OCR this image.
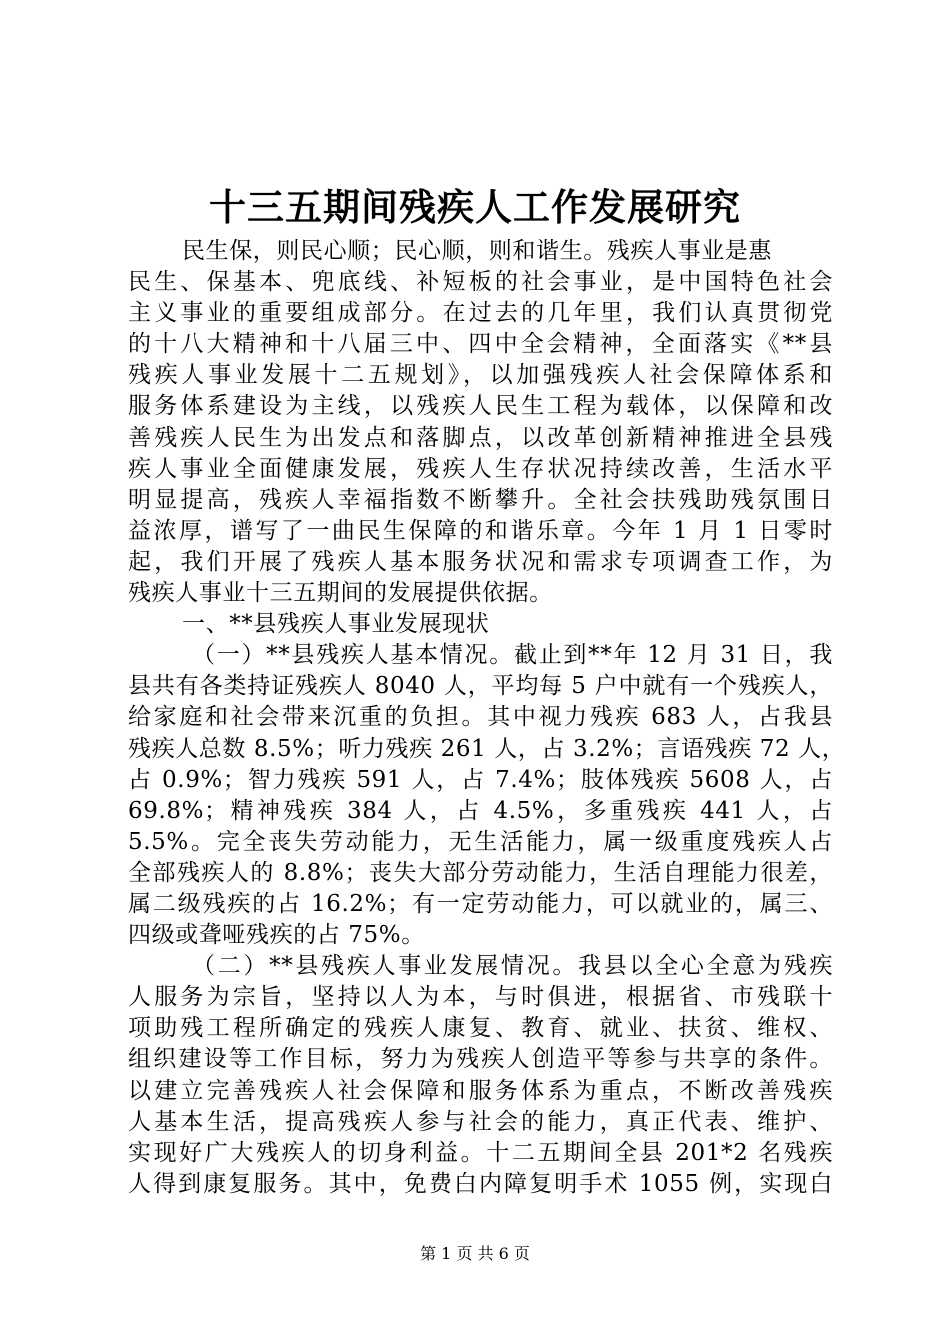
十三五期间残疾人工作发展研究
民生保，则民心顺；民心顺，则和谐生。残疾人事业是惠
民生、保基本、兜底线、补短板的社会事业，是中国特色社会
主义事业的重要组成部分。在过去的几年里，我们认真贯彻党
的十八大精神和十八届三中、四中全会精神，全面落实《**县
残疾人事业发展十二五规划》，以加强残疾人社会保障体系和
服务体系建设为主线，以残疾人民生工程为载体，以保障和改
善残疾人民生为出发点和落脚点，以改革创新精神推进全县残
疾人事业全面健康发展，残疾人生存状况持续改善，生活水平
明显提高，残疾人幸福指数不断攀升。全社会扶残助残氛围日
益浓厚，谱写了一曲民生保障的和谐乐章。今年 1 月 1 日零时
起，我们开展了残疾人基本服务状况和需求专项调查工作，为
残疾人事业十三五期间的发展提供依据。
一、**县残疾人事业发展现状
（一）**县残疾人基本情况。截止到**年 12 月 31 日，我
县共有各类持证残疾人 8040 人，平均每 5 户中就有一个残疾人，
给家庭和社会带来沉重的负担。其中视力残疾 683 人，占我县
残疾人总数 8.5%；听力残疾 261 人，占 3.2%；言语残疾 72 人，
占 0.9%；智力残疾 591 人，占 7.4%；肢体残疾 5608 人，占
69.8%；精神残疾 384 人，占 4.5%，多重残疾 441 人，占
5.5%。完全丧失劳动能力，无生活能力，属一级重度残疾人占
全部残疾人的 8.8%；丧失大部分劳动能力，生活自理能力很差，
属二级残疾的占 16.2%；有一定劳动能力，可以就业的，属三、
四级或聋哑残疾的占 75%。
（二）**县残疾人事业发展情况。我县以全心全意为残疾
人服务为宗旨，坚持以人为本，与时俱进，根据省、市残联十
项助残工程所确定的残疾人康复、教育、就业、扶贫、维权、
组织建设等工作目标，努力为残疾人创造平等参与共享的条件。
以建立完善残疾人社会保障和服务体系为重点，不断改善残疾
人基本生活，提高残疾人参与社会的能力，真正代表、维护、
实现好广大残疾人的切身利益。十二五期间全县 201*2 名残疾
人得到康复服务。其中，免费白内障复明手术 1055 例，实现白
第 1 页 共 6 页
